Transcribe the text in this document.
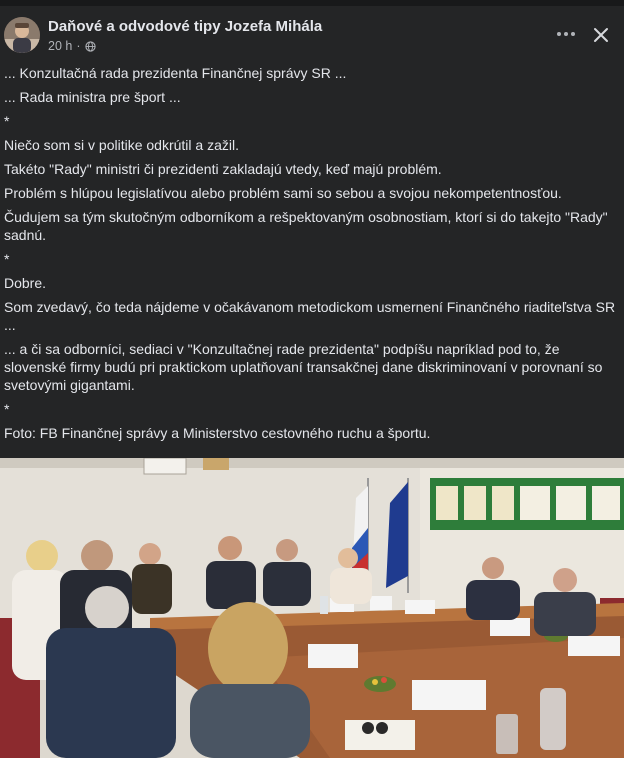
Daňové a odvodové tipy Jozefa Mihála
20 h ·

... Konzultačná rada prezidenta Finančnej správy SR ...

... Rada ministra pre šport ...

*

Niečo som si v politike odkrútil a zažil.

Takéto "Rady" ministri či prezidenti zakladajú vtedy, keď majú problém.

Problém s hlúpou legislatívou alebo problém sami so sebou a svojou nekompetentnosťou.

Čudujem sa tým skutočným odborníkom a rešpektovaným osobnostiam, ktorí si do takejto "Rady" sadnú.

*

Dobre.

Som zvedavý, čo teda nájdeme v očakávanom metodickom usmernení Finančného riaditeľstva SR ...

... a či sa odborníci, sediaci v "Konzultačnej rade prezidenta" podpíšu napríklad pod to, že slovenské firmy budú pri praktickom uplatňovaní transakčnej dane diskriminovaní v porovnaní so svetovými gigantami.

*

Foto: FB Finančnej správy a Ministerstvo cestovného ruchu a športu.
